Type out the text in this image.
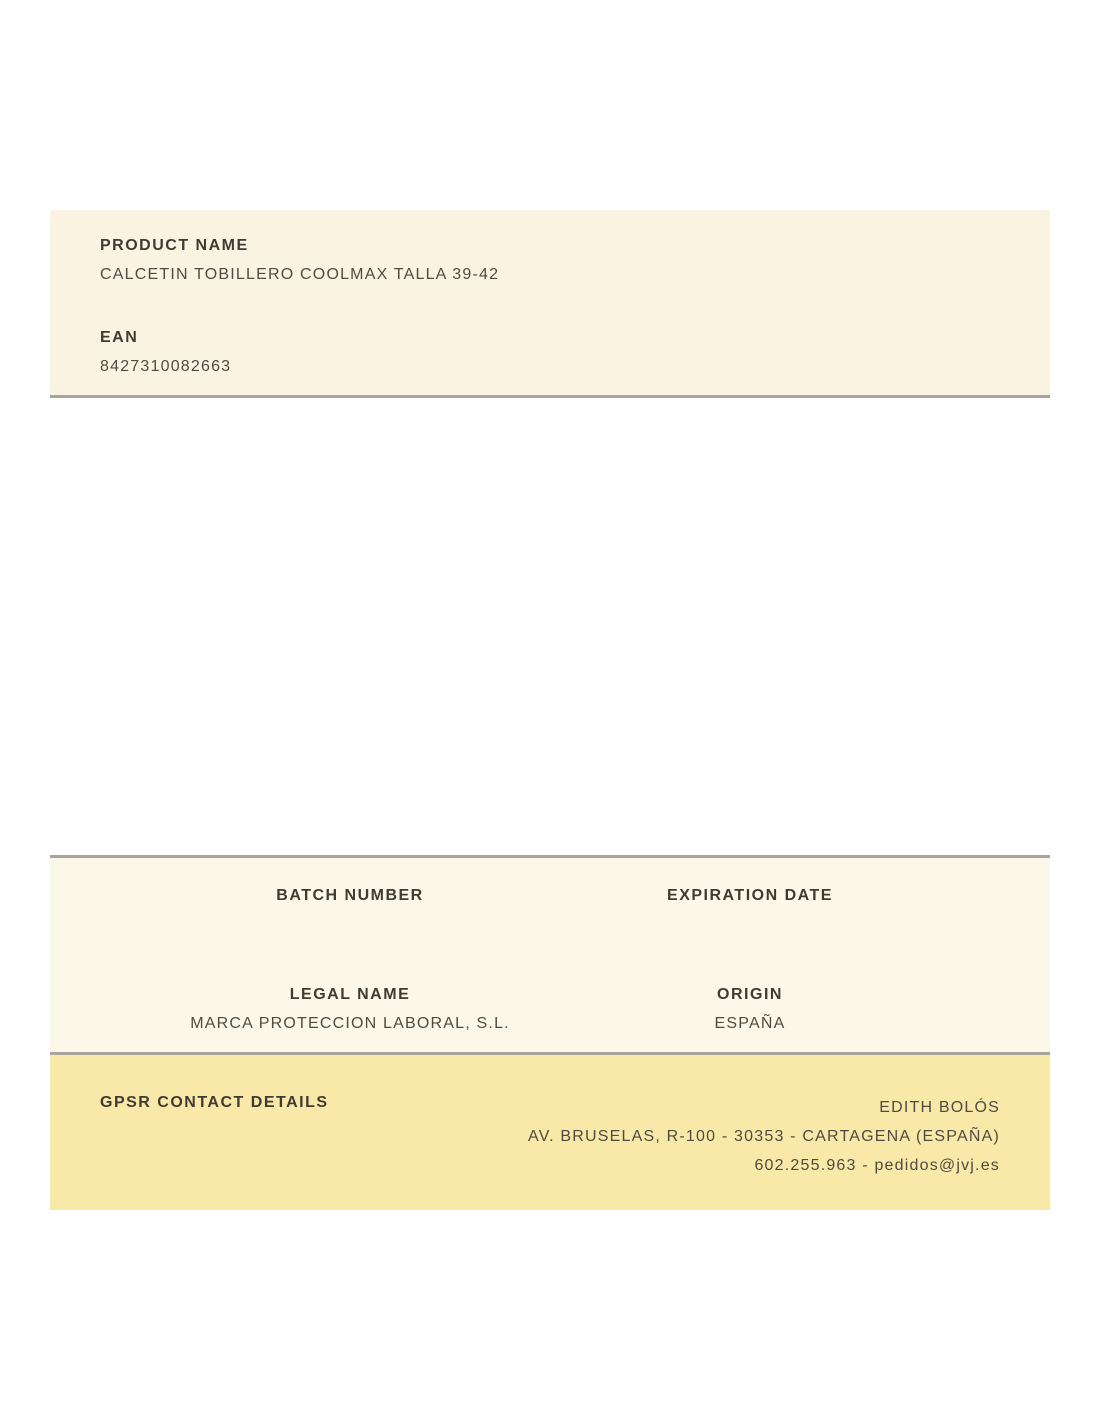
PRODUCT NAME
CALCETIN TOBILLERO COOLMAX TALLA 39-42
EAN
8427310082663
BATCH NUMBER	EXPIRATION DATE
LEGAL NAME
MARCA PROTECCION LABORAL, S.L.
ORIGIN
ESPAÑA
GPSR CONTACT DETAILS	EDITH BOLÓS
AV. BRUSELAS, R-100 - 30353 - CARTAGENA (ESPAÑA)
602.255.963 - pedidos@jvj.es
